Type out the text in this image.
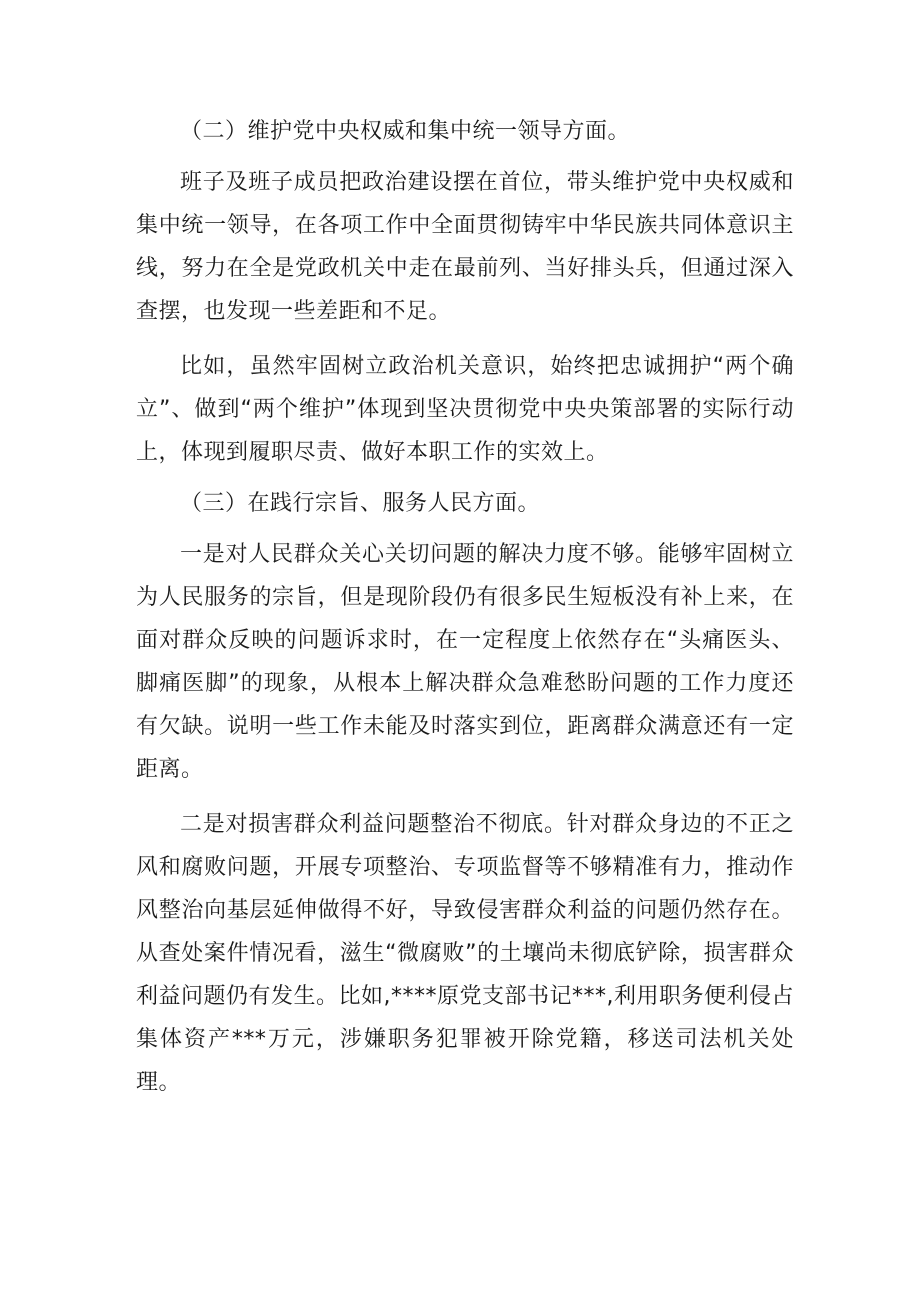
（二）维护党中央权威和集中统一领导方面。

班子及班子成员把政治建设摆在首位，带头维护党中央权威和集中统一领导，在各项工作中全面贯彻铸牢中华民族共同体意识主线，努力在全是党政机关中走在最前列、当好排头兵，但通过深入查摆，也发现一些差距和不足。

比如，虽然牢固树立政治机关意识，始终把忠诚拥护“两个确立”、做到“两个维护”体现到坚决贯彻党中央央策部署的实际行动上，体现到履职尽责、做好本职工作的实效上。

（三）在践行宗旨、服务人民方面。

一是对人民群众关心关切问题的解决力度不够。能够牢固树立为人民服务的宗旨，但是现阶段仍有很多民生短板没有补上来，在面对群众反映的问题诉求时，在一定程度上依然存在“头痛医头、脚痛医脚”的现象，从根本上解决群众急难愁盼问题的工作力度还有欠缺。说明一些工作未能及时落实到位，距离群众满意还有一定距离。

二是对损害群众利益问题整治不彻底。针对群众身边的不正之风和腐败问题，开展专项整治、专项监督等不够精准有力，推动作风整治向基层延伸做得不好，导致侵害群众利益的问题仍然存在。从查处案件情况看，滋生“微腐败”的土壤尚未彻底铲除，损害群众利益问题仍有发生。比如,****原党支部书记***,利用职务便利侵占集体资产***万元，涉嫌职务犯罪被开除党籍，移送司法机关处理。
